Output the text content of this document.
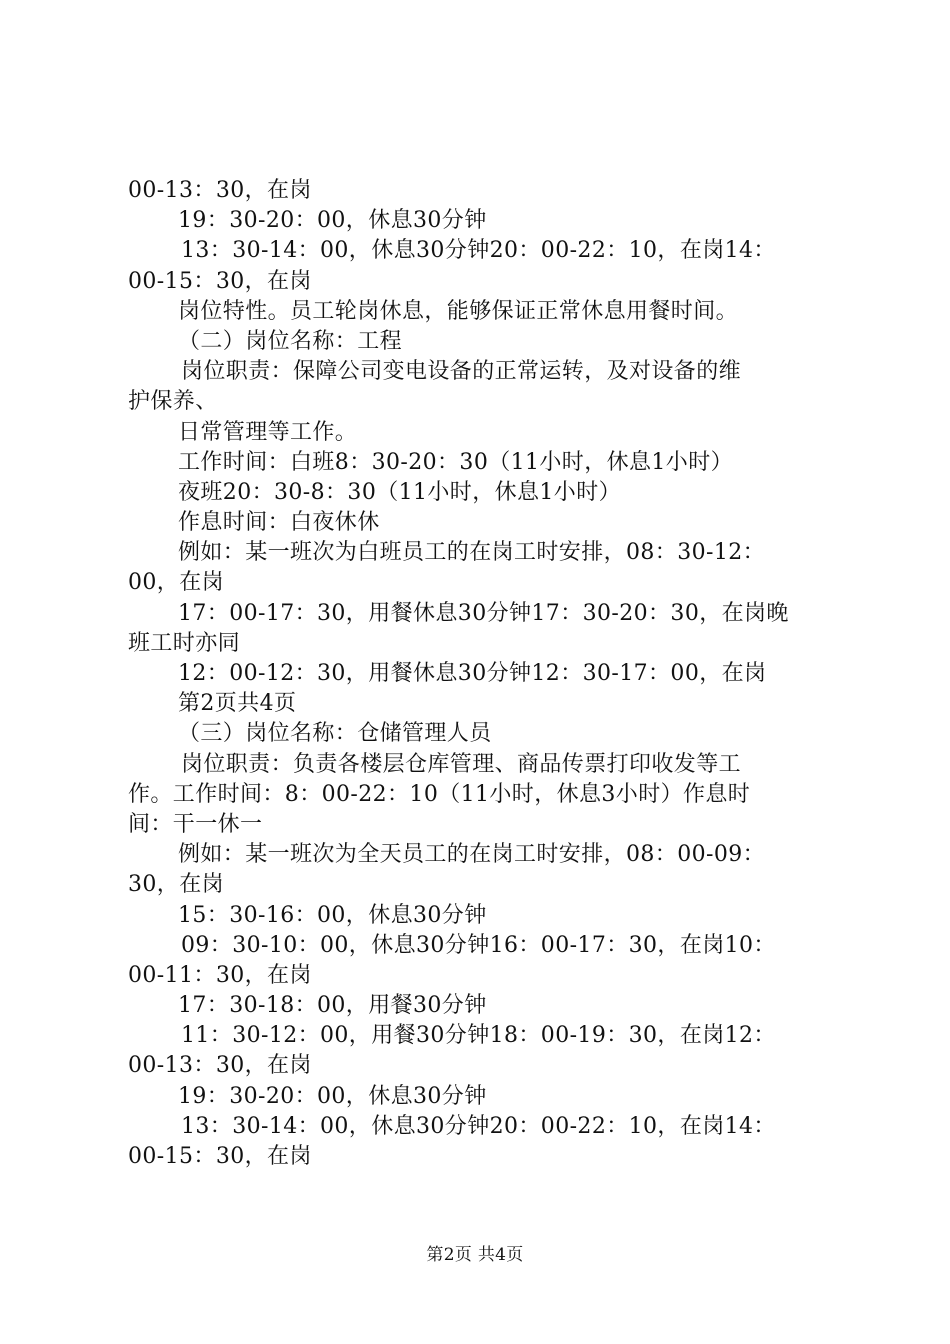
00-13：30，在岗
19：30-20：00，休息30分钟
13：30-14：00，休息30分钟20：00-22：10，在岗14：
00-15：30，在岗
岗位特性。员工轮岗休息，能够保证正常休息用餐时间。
（二）岗位名称：工程
岗位职责：保障公司变电设备的正常运转，及对设备的维
护保养、
日常管理等工作。
工作时间：白班8：30-20：30（11小时，休息1小时）
夜班20：30-8：30（11小时，休息1小时）
作息时间：白夜休休
例如：某一班次为白班员工的在岗工时安排，08：30-12：
00，在岗
17：00-17：30，用餐休息30分钟17：30-20：30，在岗晚
班工时亦同
12：00-12：30，用餐休息30分钟12：30-17：00，在岗
第2页共4页
（三）岗位名称：仓储管理人员
岗位职责：负责各楼层仓库管理、商品传票打印收发等工
作。工作时间：8：00-22：10（11小时，休息3小时）作息时
间：干一休一
例如：某一班次为全天员工的在岗工时安排，08：00-09：
30，在岗
15：30-16：00，休息30分钟
09：30-10：00，休息30分钟16：00-17：30，在岗10：
00-11：30，在岗
17：30-18：00，用餐30分钟
11：30-12：00，用餐30分钟18：00-19：30，在岗12：
00-13：30，在岗
19：30-20：00，休息30分钟
13：30-14：00，休息30分钟20：00-22：10，在岗14：
00-15：30，在岗
第2页 共4页
